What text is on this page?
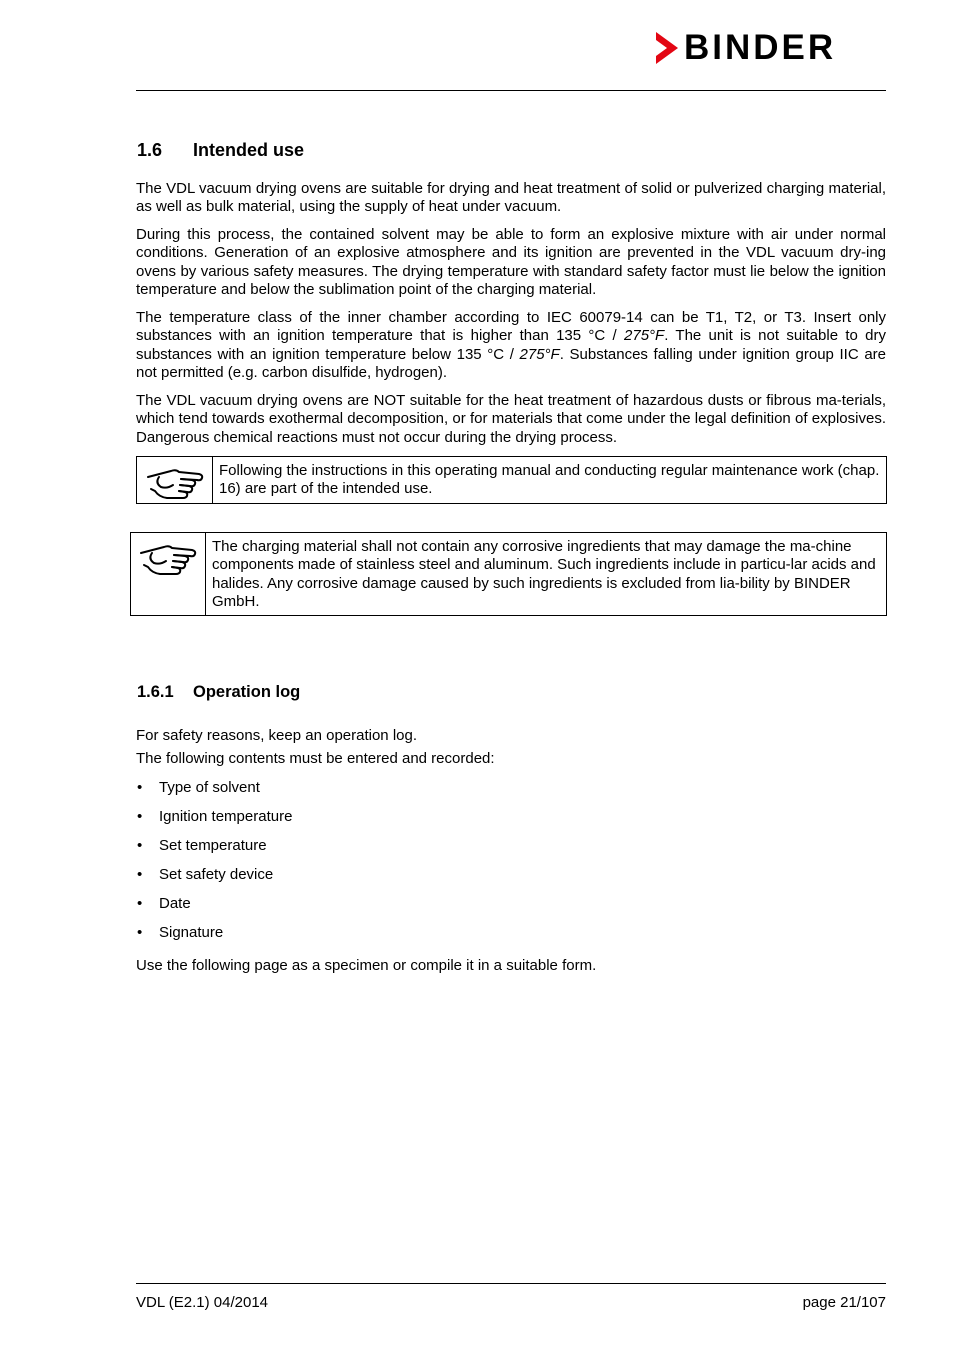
BINDER
1.6 Intended use

The VDL vacuum drying ovens are suitable for drying and heat treatment of solid or pulverized charging material, as well as bulk material, using the supply of heat under vacuum.

During this process, the contained solvent may be able to form an explosive mixture with air under normal conditions. Generation of an explosive atmosphere and its ignition are prevented in the VDL vacuum dry-ing ovens by various safety measures. The drying temperature with standard safety factor must lie below the ignition temperature and below the sublimation point of the charging material.

The temperature class of the inner chamber according to IEC 60079-14 can be T1, T2, or T3. Insert only substances with an ignition temperature that is higher than 135 °C / 275°F. The unit is not suitable to dry substances with an ignition temperature below 135 °C / 275°F. Substances falling under ignition group IIC are not permitted (e.g. carbon disulfide, hydrogen).

The VDL vacuum drying ovens are NOT suitable for the heat treatment of hazardous dusts or fibrous ma-terials, which tend towards exothermal decomposition, or for materials that come under the legal definition of explosives. Dangerous chemical reactions must not occur during the drying process.

Following the instructions in this operating manual and conducting regular maintenance work (chap. 16) are part of the intended use.
The charging material shall not contain any corrosive ingredients that may damage the ma-chine components made of stainless steel and aluminum. Such ingredients include in particu-lar acids and halides. Any corrosive damage caused by such ingredients is excluded from lia-bility by BINDER GmbH.
1.6.1 Operation log

For safety reasons, keep an operation log.

The following contents must be entered and recorded:

• Type of solvent
• Ignition temperature
• Set temperature
• Set safety device
• Date
• Signature

Use the following page as a specimen or compile it in a suitable form.

VDL (E2.1) 04/2014	page 21/107
